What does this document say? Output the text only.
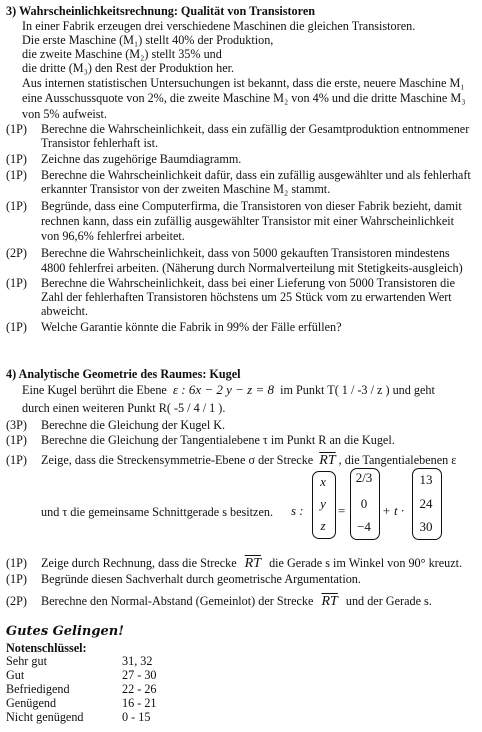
3) Wahrscheinlichkeitsrechnung: Qualität von Transistoren
In einer Fabrik erzeugen drei verschiedene Maschinen die gleichen Transistoren.
Die erste Maschine (M₁) stellt 40% der Produktion,
die zweite Maschine (M₂) stellt 35% und
die dritte (M₃) den Rest der Produktion her.
Aus internen statistischen Untersuchungen ist bekannt, dass die erste, neuere Maschine M₁
eine Ausschussquote von 2%, die zweite Maschine M₂ von 4% und die dritte Maschine M₃
von 5% aufweist.
(1P) Berechne die Wahrscheinlichkeit, dass ein zufällig der Gesamtproduktion entnommener
Transistor fehlerhaft ist.
(1P) Zeichne das zugehörige Baumdiagramm.
(1P) Berechne die Wahrscheinlichkeit dafür, dass ein zufällig ausgewählter und als fehlerhaft
erkannter Transistor von der zweiten Maschine M₂ stammt.
(1P) Begründe, dass eine Computerfirma, die Transistoren von dieser Fabrik bezieht, damit
rechnen kann, dass ein zufällig ausgewählter Transistor mit einer Wahrscheinlichkeit
von 96,6% fehlerfrei arbeitet.
(2P) Berechne die Wahrscheinlichkeit, dass von 5000 gekauften Transistoren mindestens
4800 fehlerfrei arbeiten. (Näherung durch Normalverteilung mit Stetigkeits-ausgleich)
(1P) Berechne die Wahrscheinlichkeit, dass bei einer Lieferung von 5000 Transistoren die
Zahl der fehlerhaften Transistoren höchstens um 25 Stück vom zu erwartenden Wert
abweicht.
(1P) Welche Garantie könnte die Fabrik in 99% der Fälle erfüllen?
4) Analytische Geometrie des Raumes: Kugel
Eine Kugel berührt die Ebene ε : 6x − 2 y − z = 8 im Punkt T( 1 / -3 / z ) und geht
durch einen weiteren Punkt R( -5 / 4 / 1 ).
(3P) Berechne die Gleichung der Kugel K.
(1P) Berechne die Gleichung der Tangentialebene τ im Punkt R an die Kugel.
(1P) Zeige, dass die Streckensymmetrie-Ebene σ der Strecke $\overline{RT}$ , die Tangentialebenen ε
und τ die gemeinsame Schnittgerade s besitzen. s :
x
y
z
=
2/3
0
−4
+ t ·
13
24
30
(1P) Zeige durch Rechnung, dass die Strecke $\overline{RT}$ die Gerade s im Winkel von 90° kreuzt.
(1P) Begründe diesen Sachverhalt durch geometrische Argumentation.
(2P) Berechne den Normal-Abstand (Gemeinlot) der Strecke $\overline{RT}$ und der Gerade s.
Gutes Gelingen!
Notenschlüssel:
Sehr gut	31, 32
Gut	27 - 30
Befriedigend	22 - 26
Genügend	16 - 21
Nicht genügend	0 - 15
